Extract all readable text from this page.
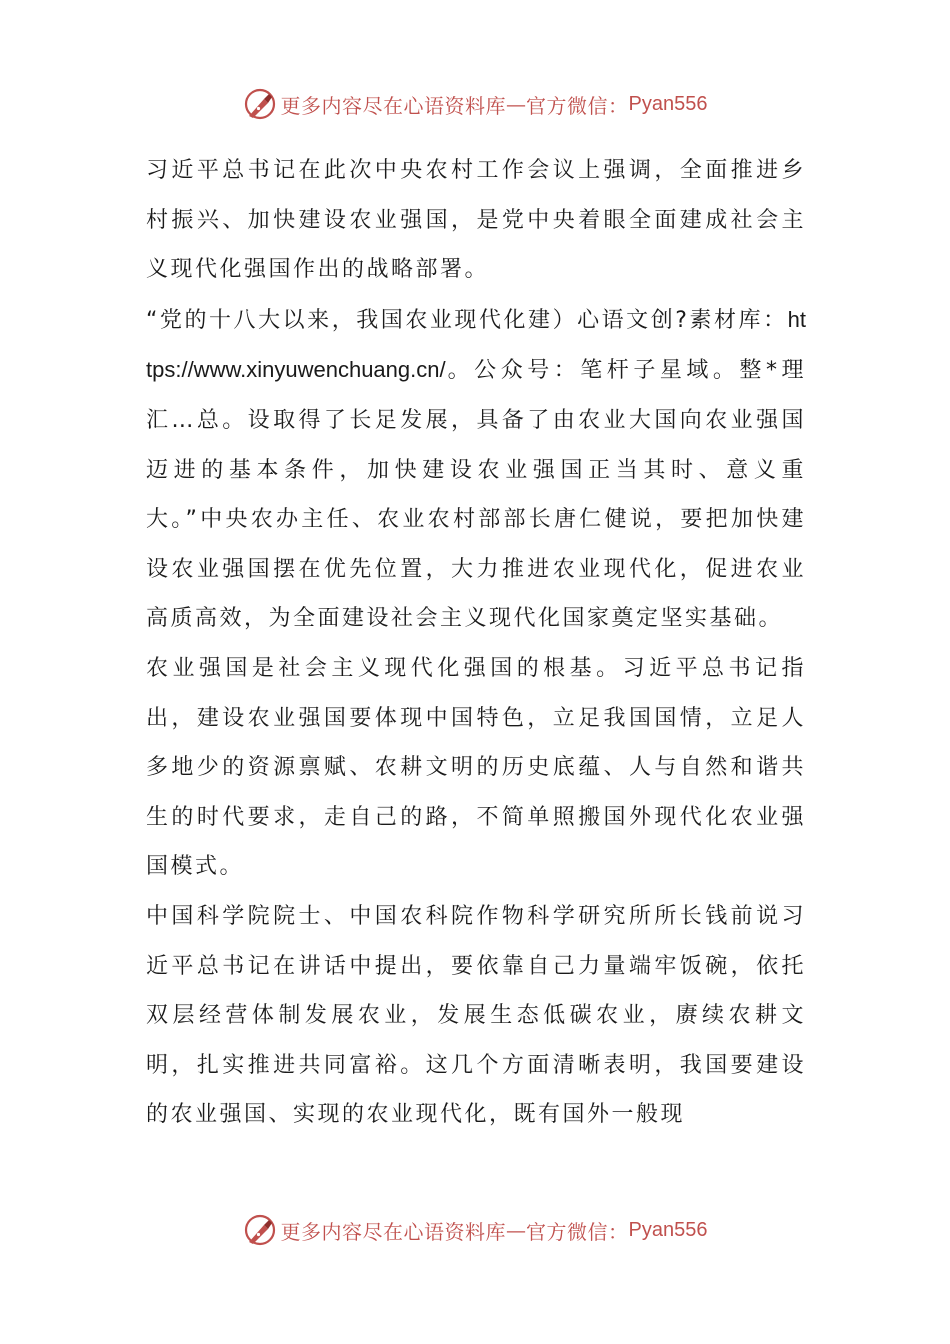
更多内容尽在心语资料库 — 官方微信： Pyan556

习近平总书记在此次中央农村工作会议上强调，全面推进乡村振兴、加快建设农业强国，是党中央着眼全面建成社会主义现代化强国作出的战略部署。

“党的十八大以来，我国农业现代化建）心语文创?素材库：https://www.xinyuwenchuang.cn/。公众号：笔杆子星域。整*理汇…总。设取得了长足发展，具备了由农业大国向农业强国迈进的基本条件，加快建设农业强国正当其时、意义重大。”中央农办主任、农业农村部部长唐仁健说，要把加快建设农业强国摆在优先位置，大力推进农业现代化，促进农业高质高效，为全面建设社会主义现代化国家奠定坚实基础。

农业强国是社会主义现代化强国的根基。习近平总书记指出，建设农业强国要体现中国特色，立足我国国情，立足人多地少的资源禀赋、农耕文明的历史底蕴、人与自然和谐共生的时代要求，走自己的路，不简单照搬国外现代化农业强国模式。

中国科学院院士、中国农科院作物科学研究所所长钱前说习近平总书记在讲话中提出，要依靠自己力量端牢饭碗，依托双层经营体制发展农业，发展生态低碳农业，赓续农耕文明，扎实推进共同富裕。这几个方面清晰表明，我国要建设的农业强国、实现的农业现代化，既有国外一般现

更多内容尽在心语资料库 — 官方微信： Pyan556
